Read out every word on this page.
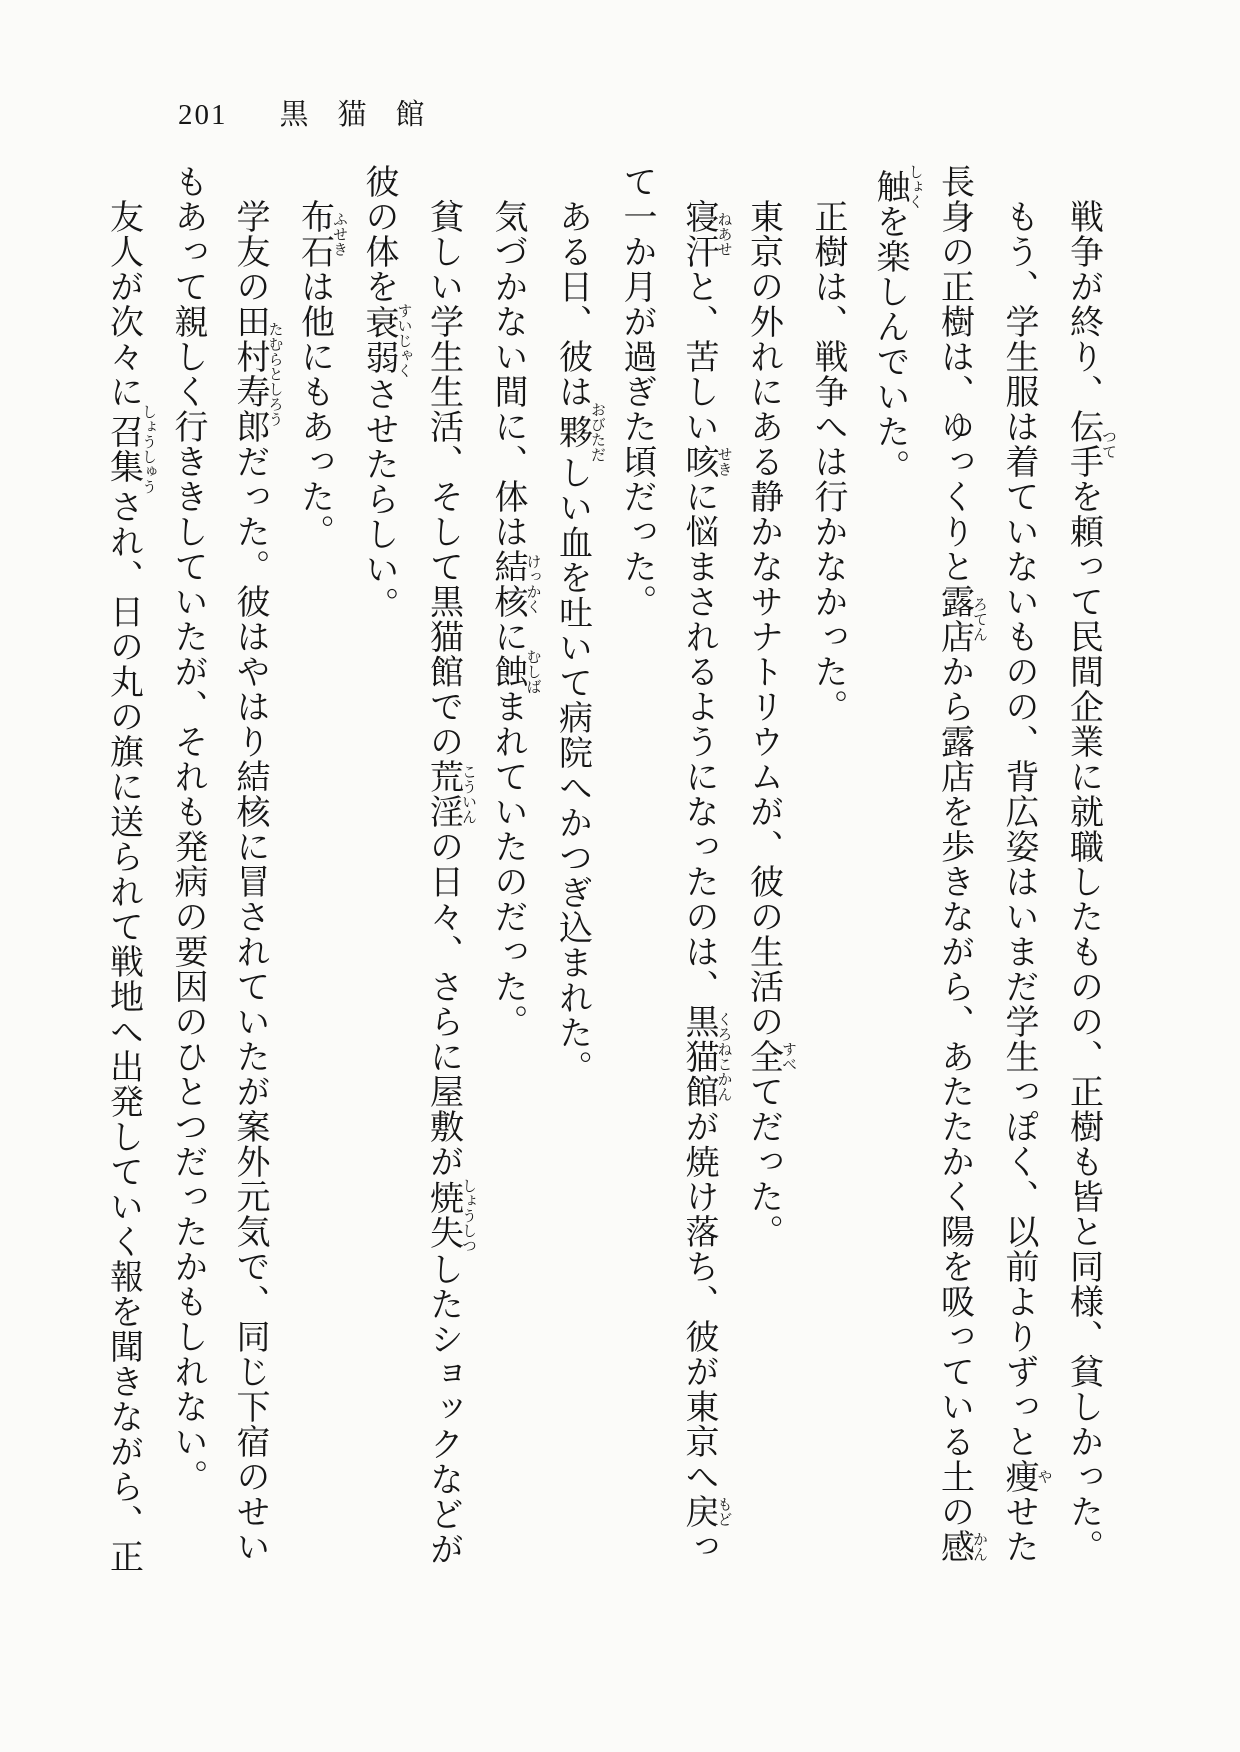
201 黒　猫　館
戦争が終り、伝手つてを頼って民間企業に就職したものの、正樹も皆と同様、貧しかった。
もう、学生服は着ていないものの、背広姿はいまだ学生っぽく、以前よりずっと痩やせた
長身の正樹は、ゆっくりと露店ろてんから露店を歩きながら、あたたかく陽を吸っている土の感かん
触しょくを楽しんでいた。
正樹は、戦争へは行かなかった。
東京の外れにある静かなサナトリウムが、彼の生活の全すべてだった。
寝汗ねあせと、苦しい咳せきに悩まされるようになったのは、黒猫館くろねこかんが焼け落ち、彼が東京へ戻もどっ
て一か月が過ぎた頃だった。
ある日、彼は夥おびただしい血を吐いて病院へかつぎ込まれた。
気づかない間に、体は結核けっかくに蝕むしばまれていたのだった。
貧しい学生生活、そして黒猫館での荒淫こういんの日々、さらに屋敷が焼失しょうしつしたショックなどが
彼の体を衰弱すいじゃくさせたらしい。
布石ふせきは他にもあった。
学友の田村寿郎たむらとしろうだった。彼はやはり結核に冒されていたが案外元気で、同じ下宿のせい
もあって親しく行ききしていたが、それも発病の要因のひとつだったかもしれない。
友人が次々に召集しょうしゅうされ、日の丸の旗に送られて戦地へ出発していく報を聞きながら、正
